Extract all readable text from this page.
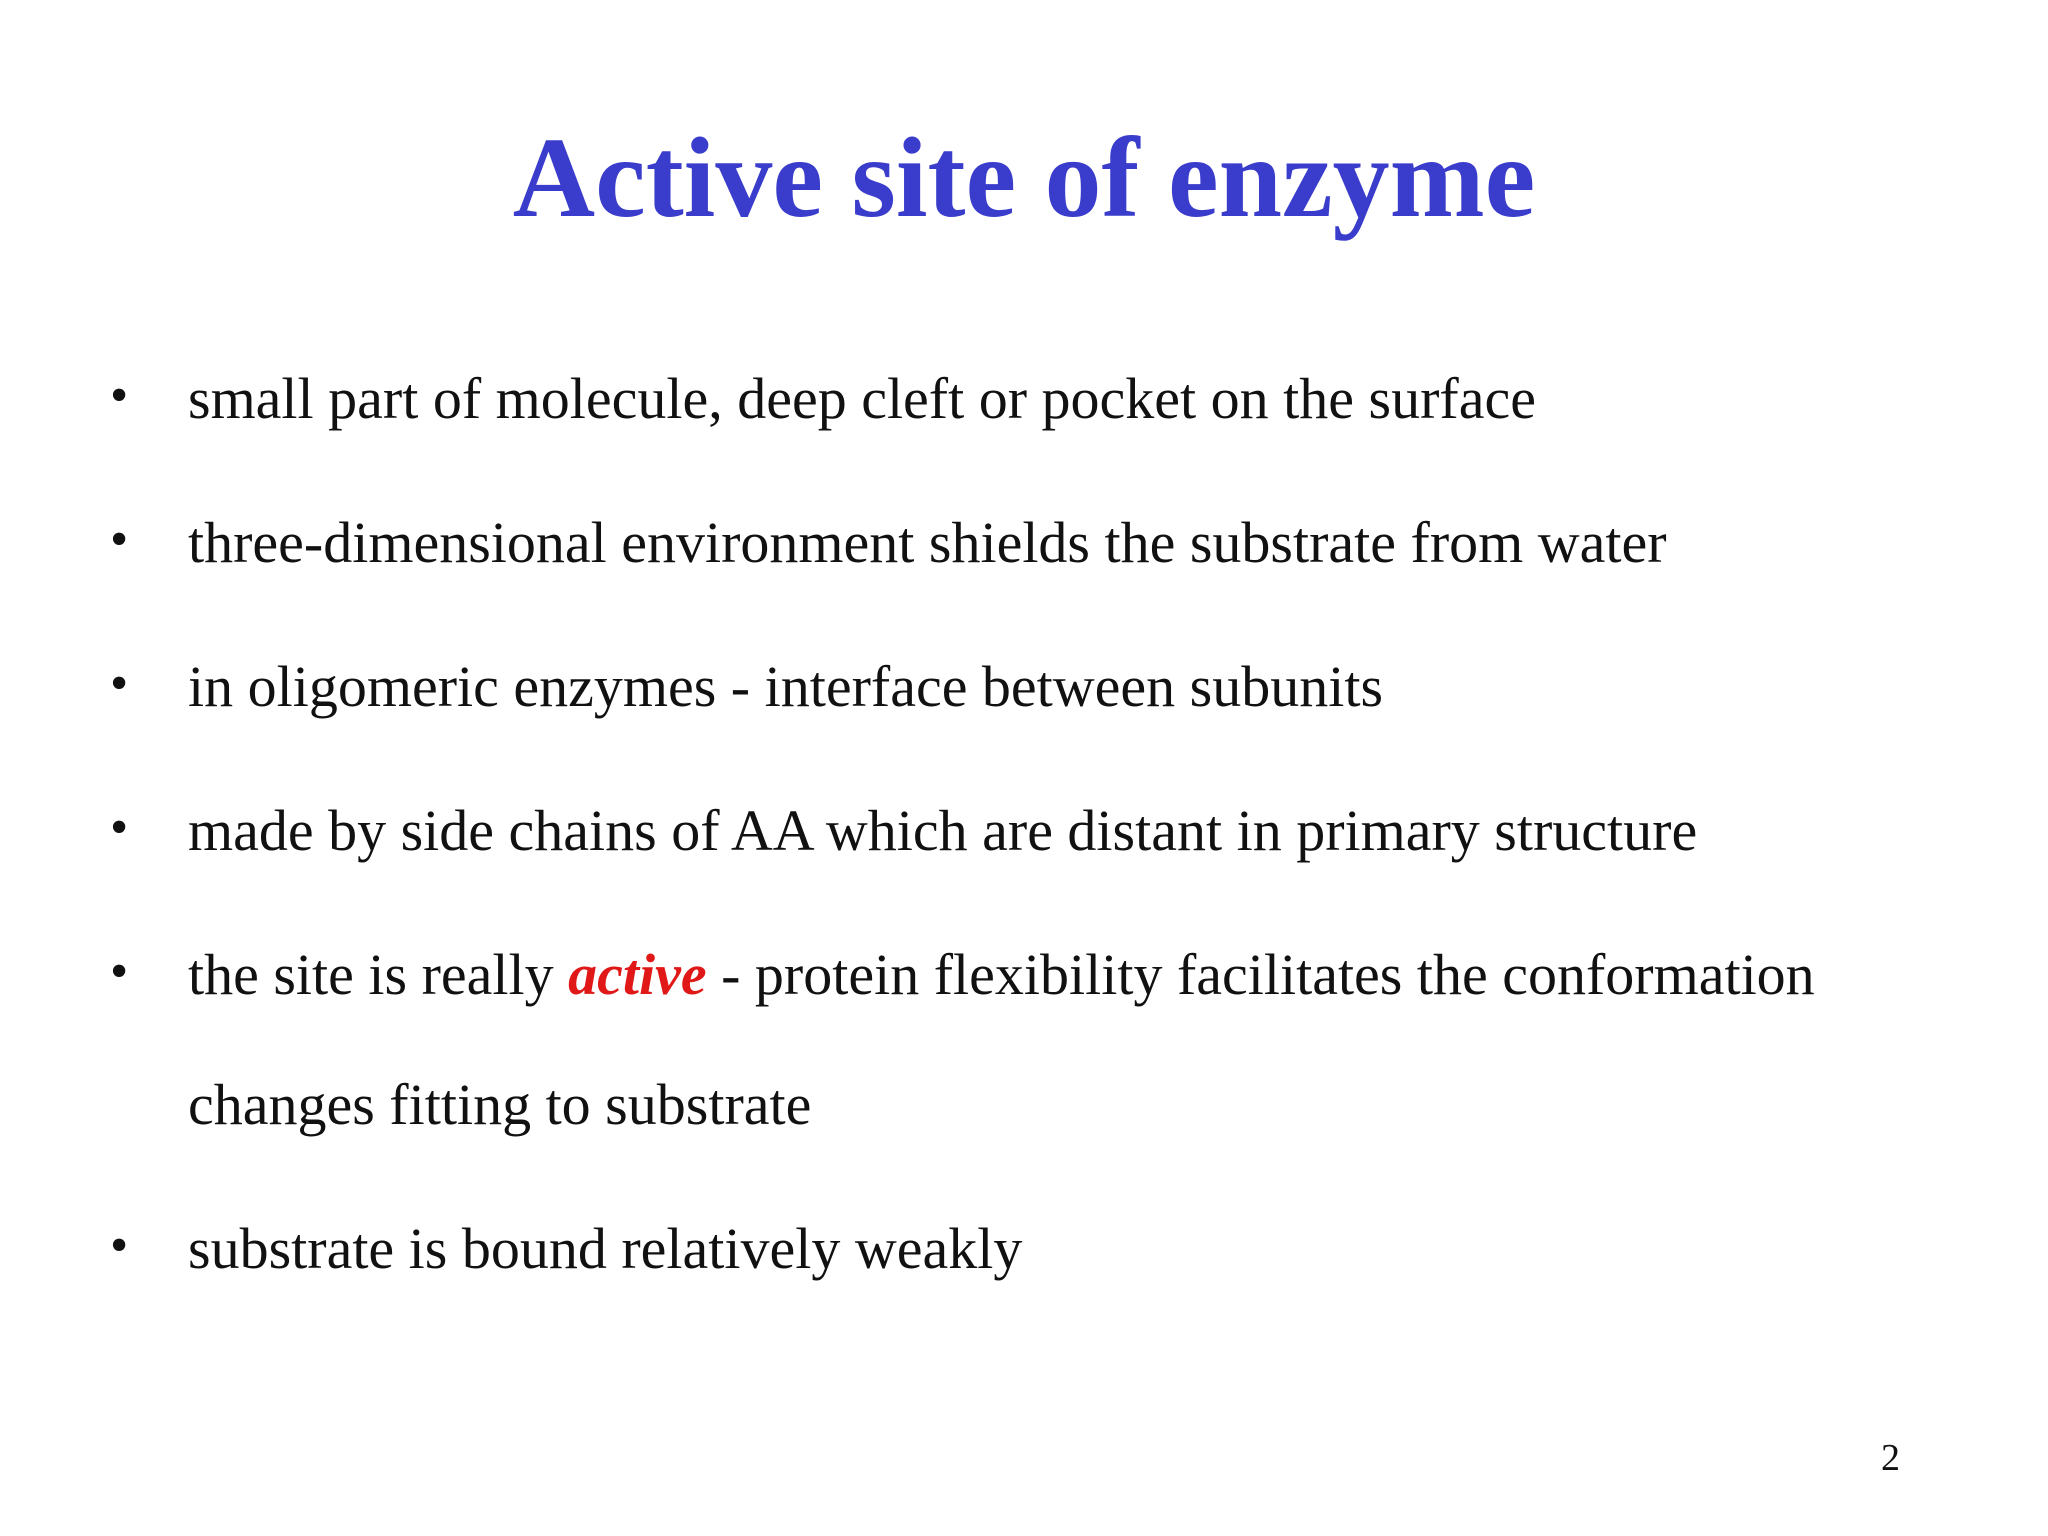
Active site of enzyme
• small part of molecule, deep cleft or pocket on the surface
• three-dimensional environment shields the substrate from water
• in oligomeric enzymes - interface between subunits
• made by side chains of AA which are distant in primary structure
• the site is really active - protein flexibility facilitates the conformation
changes fitting to substrate
• substrate is bound relatively weakly
2
